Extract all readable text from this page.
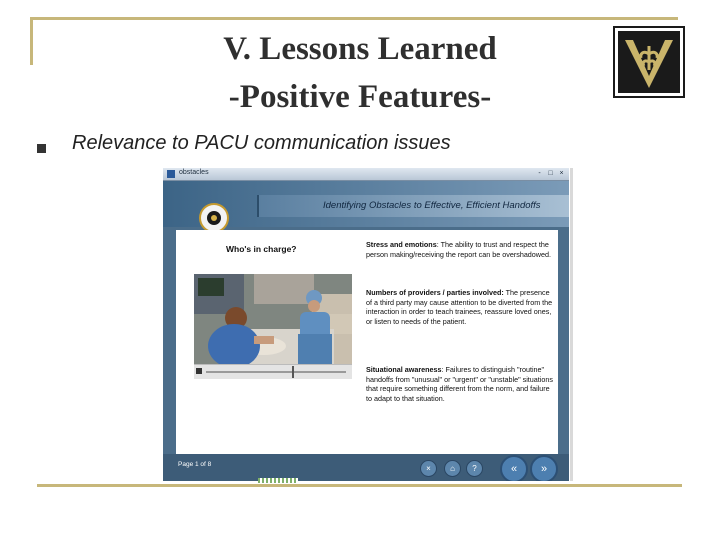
V. Lessons Learned
-Positive Features-
Relevance to PACU communication issues
obstacles	-	□ ×
Identifying Obstacles to Effective, Efficient Handoffs
Who's in charge?	Stress and emotions: The ability to trust and respect the person making/receiving the report can be overshadowed.
Numbers of providers / parties involved: The presence of a third party may cause attention to be diverted from the interaction in order to teach trainees, reassure loved ones, or listen to needs of the patient.
Situational awareness: Failures to distinguish "routine" handoffs from "unusual" or "urgent" or "unstable" situations that require something different from the norm, and failure to adapt to that situation.
Page 1 of 8	×	⌂	?	«	»
